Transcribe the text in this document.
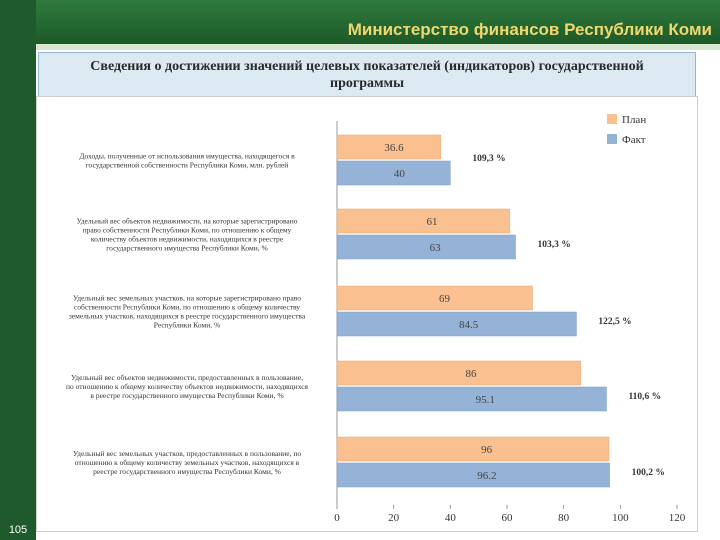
Министерство финансов Республики Коми
105
Сведения о достижении значений целевых показателей (индикаторов) государственной программы
0	20	40	60	80	100	120
Доходы, полученные от использования имущества, находящегося в государственной собственности Республики Коми, млн. рублей
Удельный вес объектов недвижимости, на которые зарегистрировано право собственности Республики Коми, по отношению к общему количеству объектов недвижимости, находящихся в реестре государственного имущества Республики Коми, %
Удельный вес земельных участков, на которые зарегистрировано право собственности Республики Коми, по отношению к общему количеству земельных участков, находящихся в реестре государственного имущества Республики Коми, %
Удельный вес объектов недвижимости, предоставленных в пользование, по отношению к общему количеству объектов недвижимости, находящихся в реестре государственного имущества Республики Коми, %
Удельный вес земельных участков, предоставленных в пользование, по отношению к общему количеству земельных участков, находящихся в реестре государственного имущества Республики Коми, %
36.6
61
69
86
96
40
63
84.5
95.1
96.2
109,3 %
103,3 %
122,5 %
110,6 %
100,2 %
План
Факт
